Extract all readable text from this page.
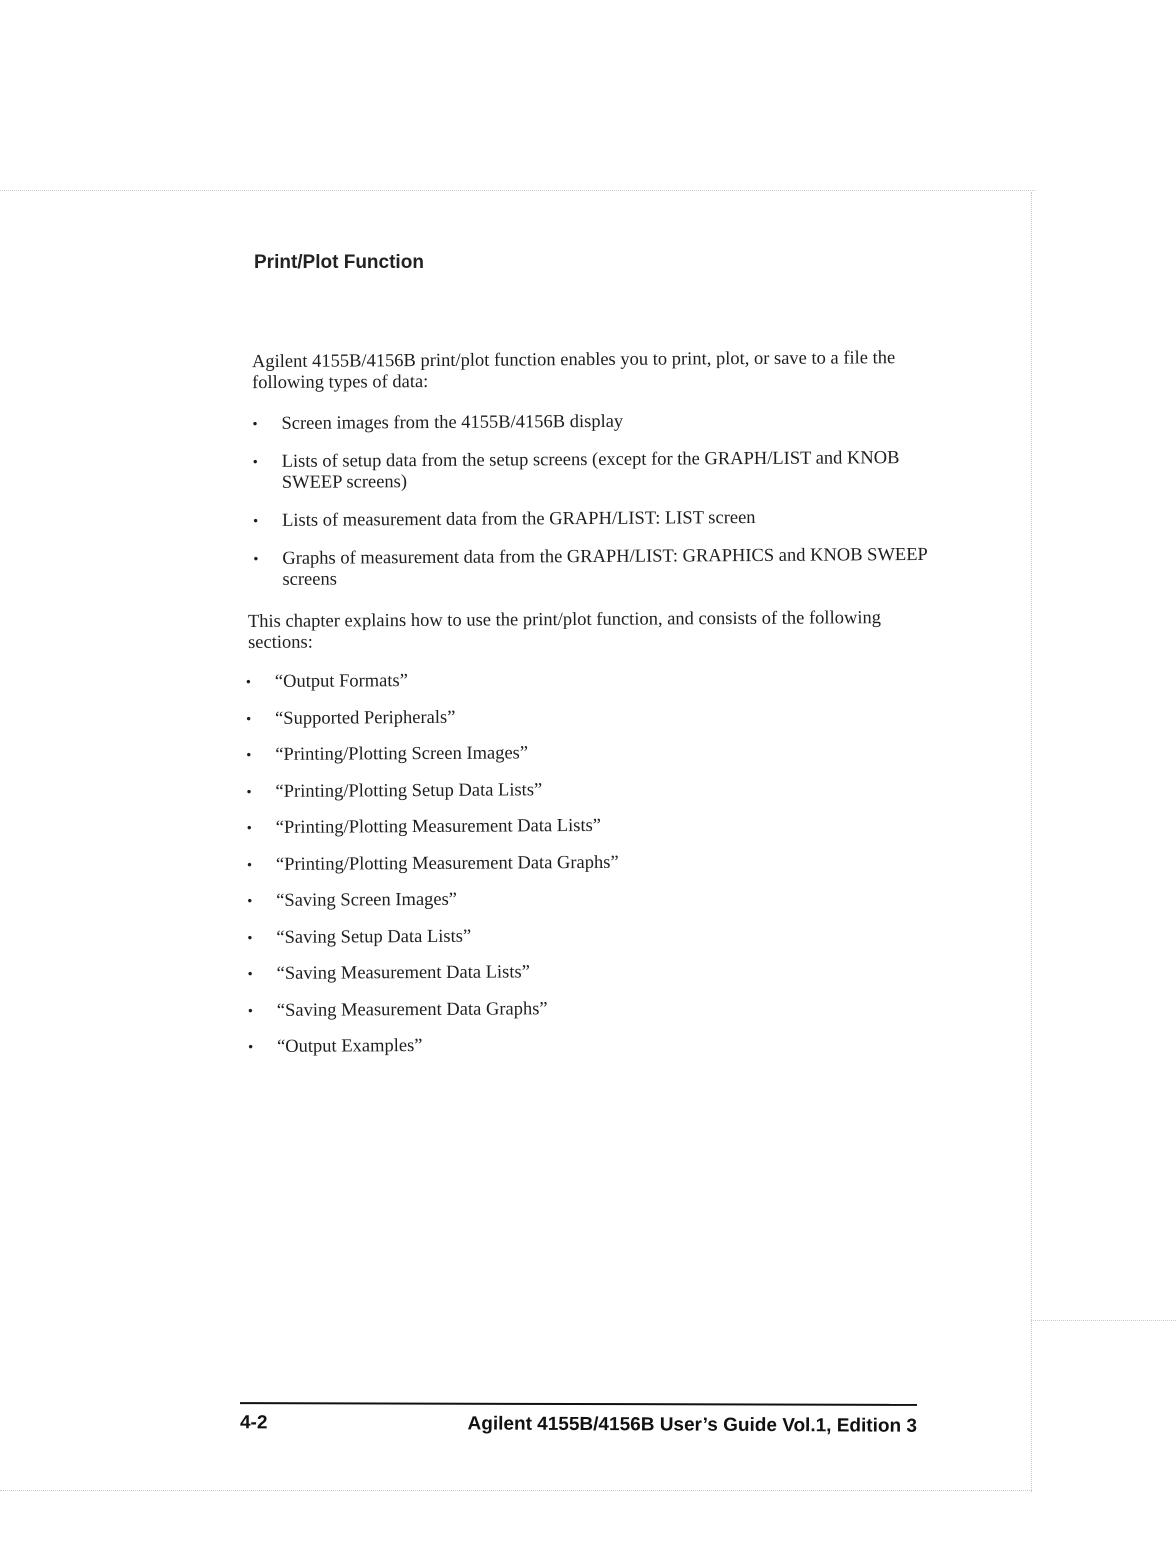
Print/Plot Function

Agilent 4155B/4156B print/plot function enables you to print, plot, or save to a file the following types of data:

• Screen images from the 4155B/4156B display
• Lists of setup data from the setup screens (except for the GRAPH/LIST and KNOB SWEEP screens)
• Lists of measurement data from the GRAPH/LIST: LIST screen
• Graphs of measurement data from the GRAPH/LIST: GRAPHICS and KNOB SWEEP screens

This chapter explains how to use the print/plot function, and consists of the following sections:

• “Output Formats”
• “Supported Peripherals”
• “Printing/Plotting Screen Images”
• “Printing/Plotting Setup Data Lists”
• “Printing/Plotting Measurement Data Lists”
• “Printing/Plotting Measurement Data Graphs”
• “Saving Screen Images”
• “Saving Setup Data Lists”
• “Saving Measurement Data Lists”
• “Saving Measurement Data Graphs”
• “Output Examples”
4-2	Agilent 4155B/4156B User’s Guide Vol.1, Edition 3
